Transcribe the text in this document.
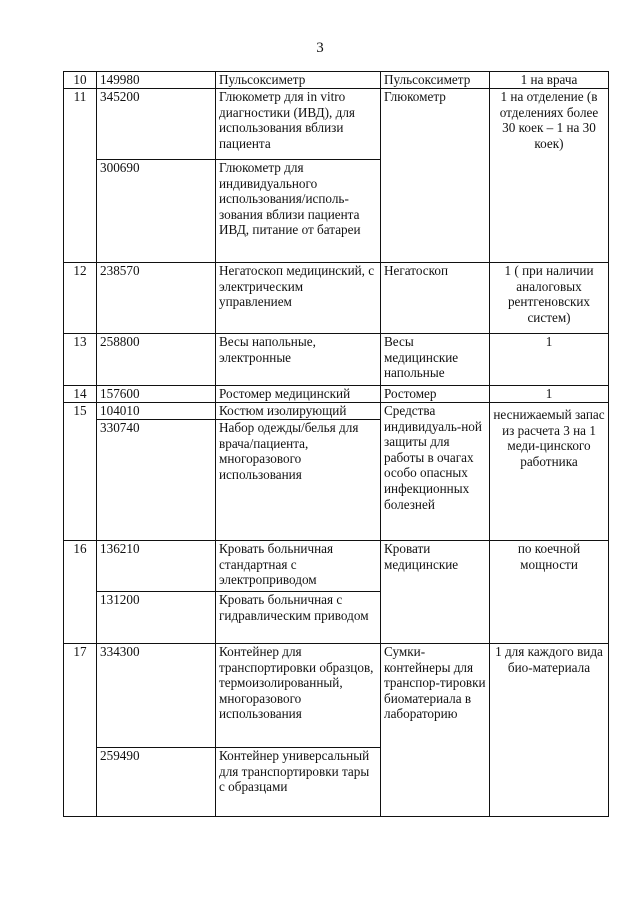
3
10	149980	Пульсоксиметр	Пульсоксиметр	1 на врача
11	345200	Глюкометр для in vitro диагностики (ИВД), для использования вблизи пациента	Глюкометр	1 на отделение (в отделениях более 30 коек – 1 на 30 коек)
	300690	Глюкометр для индивидуального использования/исполь-зования вблизи пациента ИВД, питание от батареи		
12	238570	Негатоскоп медицинский, с электрическим управлением	Негатоскоп	1 ( при наличии аналоговых рентгеновских систем)
13	258800	Весы напольные, электронные	Весы медицинские напольные	1
14	157600	Ростомер медицинский	Ростомер	1
15	104010	Костюм изолирующий	Средства индивидуаль-ной защиты для работы в очагах особо опасных инфекционных болезней	неснижаемый запас из расчета 3 на 1 меди-цинского работника
	330740	Набор одежды/белья для врача/пациента, многоразового использования		
16	136210	Кровать больничная стандартная с электроприводом	Кровати медицинские	по коечной мощности
	131200	Кровать больничная с гидравлическим приводом		
17	334300	Контейнер для транспортировки образцов, термоизолированный, многоразового использования	Сумки-контейнеры для транспор-тировки биоматериала в лабораторию	1 для каждого вида био-материала
	259490	Контейнер универсальный для транспортировки тары с образцами		
